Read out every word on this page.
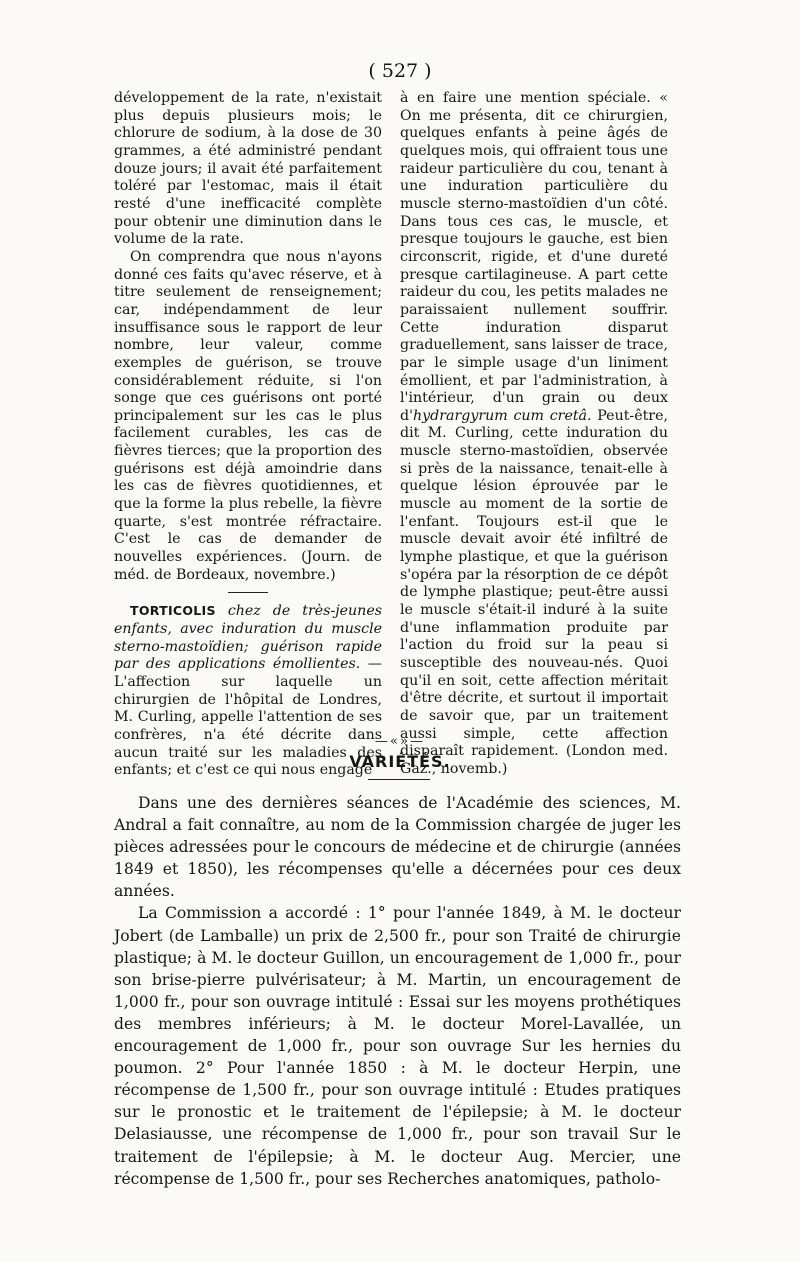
( 527 )

développement de la rate, n'existait plus depuis plusieurs mois; le chlorure de sodium, à la dose de 30 grammes, a été administré pendant douze jours; il avait été parfaitement toléré par l'estomac, mais il était resté d'une inefficacité complète pour obtenir une diminution dans le volume de la rate.

On comprendra que nous n'ayons donné ces faits qu'avec réserve, et à titre seulement de renseignement; car, indépendamment de leur insuffisance sous le rapport de leur nombre, leur valeur, comme exemples de guérison, se trouve considérablement réduite, si l'on songe que ces guérisons ont porté principalement sur les cas le plus facilement curables, les cas de fièvres tierces; que la proportion des guérisons est déjà amoindrie dans les cas de fièvres quotidiennes, et que la forme la plus rebelle, la fièvre quarte, s'est montrée réfractaire. C'est le cas de demander de nouvelles expériences. (Journ. de méd. de Bordeaux, novembre.)

TORTICOLIS chez de très-jeunes enfants, avec induration du muscle sterno-mastoïdien; guérison rapide par des applications émollientes. — L'affection sur laquelle un chirurgien de l'hôpital de Londres, M. Curling, appelle l'attention de ses confrères, n'a été décrite dans aucun traité sur les maladies des enfants; et c'est ce qui nous engage

à en faire une mention spéciale. « On me présenta, dit ce chirurgien, quelques enfants à peine âgés de quelques mois, qui offraient tous une raideur particulière du cou, tenant à une induration particulière du muscle sterno-mastoïdien d'un côté. Dans tous ces cas, le muscle, et presque toujours le gauche, est bien circonscrit, rigide, et d'une dureté presque cartilagineuse. A part cette raideur du cou, les petits malades ne paraissaient nullement souffrir. Cette induration disparut graduellement, sans laisser de trace, par le simple usage d'un liniment émollient, et par l'administration, à l'intérieur, d'un grain ou deux d'hydrargyrum cum cretâ. Peut-être, dit M. Curling, cette induration du muscle sterno-mastoïdien, observée si près de la naissance, tenait-elle à quelque lésion éprouvée par le muscle au moment de la sortie de l'enfant. Toujours est-il que le muscle devait avoir été infiltré de lymphe plastique, et que la guérison s'opéra par la résorption de ce dépôt de lymphe plastique; peut-être aussi le muscle s'était-il induré à la suite d'une inflammation produite par l'action du froid sur la peau si susceptible des nouveau-nés. Quoi qu'il en soit, cette affection méritait d'être décrite, et surtout il importait de savoir que, par un traitement aussi simple, cette affection disparaît rapidement. (London med. Gaz., novemb.)

—«»—
VARIÉTÉS.

Dans une des dernières séances de l'Académie des sciences, M. Andral a fait connaître, au nom de la Commission chargée de juger les pièces adressées pour le concours de médecine et de chirurgie (années 1849 et 1850), les récompenses qu'elle a décernées pour ces deux années.

La Commission a accordé : 1° pour l'année 1849, à M. le docteur Jobert (de Lamballe) un prix de 2,500 fr., pour son Traité de chirurgie plastique; à M. le docteur Guillon, un encouragement de 1,000 fr., pour son brise-pierre pulvérisateur; à M. Martin, un encouragement de 1,000 fr., pour son ouvrage intitulé : Essai sur les moyens prothétiques des membres inférieurs; à M. le docteur Morel-Lavallée, un encouragement de 1,000 fr., pour son ouvrage Sur les hernies du poumon. 2° Pour l'année 1850 : à M. le docteur Herpin, une récompense de 1,500 fr., pour son ouvrage intitulé : Etudes pratiques sur le pronostic et le traitement de l'épilepsie; à M. le docteur Delasiausse, une récompense de 1,000 fr., pour son travail Sur le traitement de l'épilepsie; à M. le docteur Aug. Mercier, une récompense de 1,500 fr., pour ses Recherches anatomiques, patholo-
